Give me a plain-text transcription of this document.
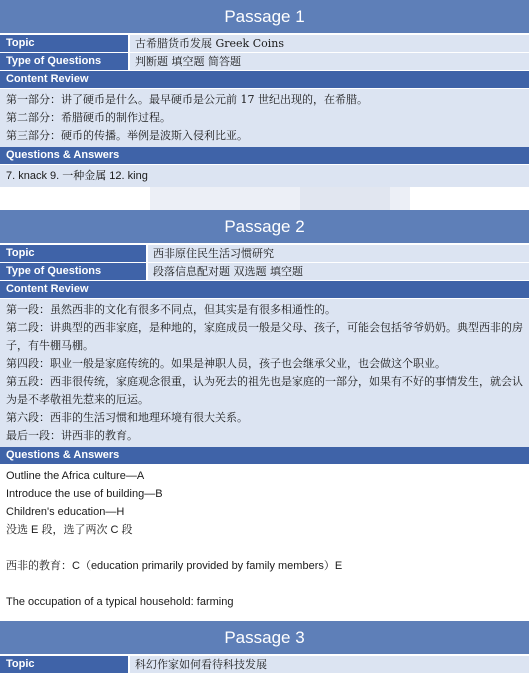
Passage 1
Topic	古希腊货币发展 Greek Coins
Type of Questions	判断题 填空题 简答题
Content Review
第一部分：讲了硬币是什么。最早硬币是公元前 17 世纪出现的，在希腊。
第二部分：希腊硬币的制作过程。
第三部分：硬币的传播。举例是波斯入侵利比亚。
Questions & Answers
7. knack 9. 一种金属 12. king
Passage 2
Topic	西非原住民生活习惯研究
Type of Questions	段落信息配对题 双选题 填空题
Content Review
第一段：虽然西非的文化有很多不同点，但其实是有很多相通性的。
第二段：讲典型的西非家庭，是种地的，家庭成员一般是父母、孩子，可能会包括爷爷奶奶。典型西非的房子，有牛棚马棚。
第四段：职业一般是家庭传统的。如果是神职人员，孩子也会继承父业，也会做这个职业。
第五段：西非很传统，家庭观念很重，认为死去的祖先也是家庭的一部分，如果有不好的事情发生，就会认为是不孝敬祖先惹来的厄运。
第六段：西非的生活习惯和地理环境有很大关系。
最后一段：讲西非的教育。
Questions & Answers
Outline the Africa culture—A
Introduce the use of building—B
Children's education—H
没选 E 段，选了两次 C 段
西非的教育：C（education primarily provided by family members）E
The occupation of a typical household: farming
Passage 3
Topic	科幻作家如何看待科技发展
